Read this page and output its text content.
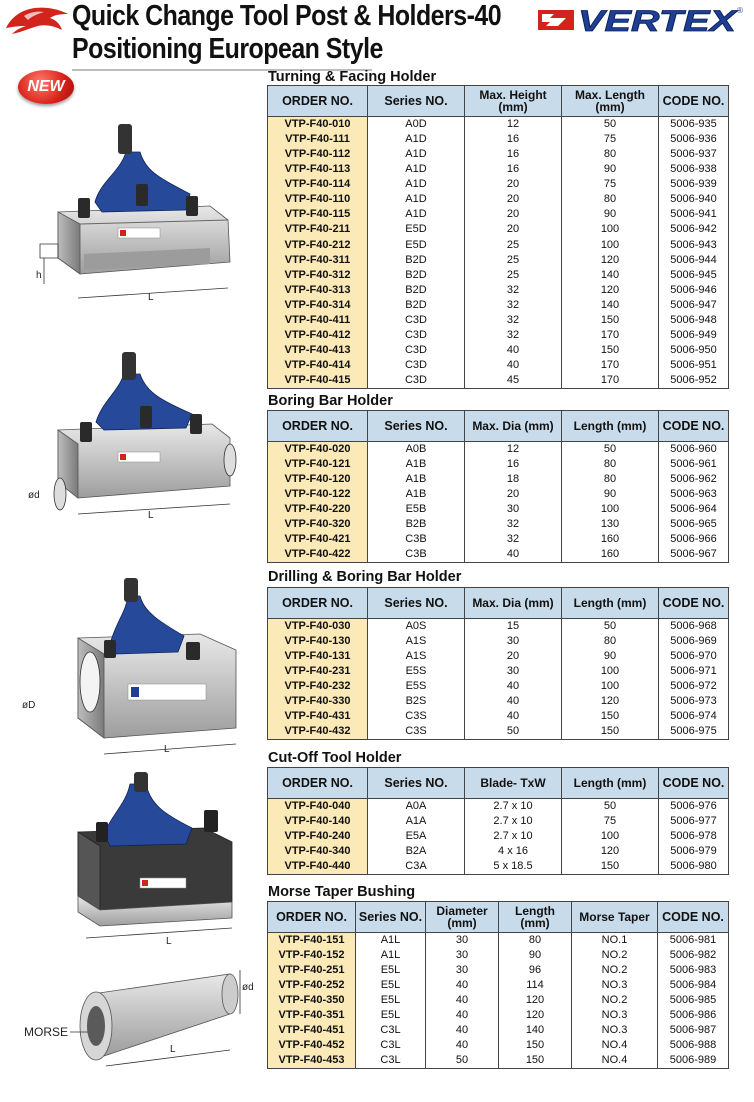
Quick Change Tool Post & Holders-40
Positioning European Style
VERTEX
®
NEW
h
L
ød
L
øD
L
L
MORSE
ød
L
Turning & Facing Holder
ORDER NO.	Series NO.	Max. Height (mm)	Max. Length (mm)	CODE NO.
VTP-F40-010	A0D	12	50	5006-935
VTP-F40-111	A1D	16	75	5006-936
VTP-F40-112	A1D	16	80	5006-937
VTP-F40-113	A1D	16	90	5006-938
VTP-F40-114	A1D	20	75	5006-939
VTP-F40-110	A1D	20	80	5006-940
VTP-F40-115	A1D	20	90	5006-941
VTP-F40-211	E5D	20	100	5006-942
VTP-F40-212	E5D	25	100	5006-943
VTP-F40-311	B2D	25	120	5006-944
VTP-F40-312	B2D	25	140	5006-945
VTP-F40-313	B2D	32	120	5006-946
VTP-F40-314	B2D	32	140	5006-947
VTP-F40-411	C3D	32	150	5006-948
VTP-F40-412	C3D	32	170	5006-949
VTP-F40-413	C3D	40	150	5006-950
VTP-F40-414	C3D	40	170	5006-951
VTP-F40-415	C3D	45	170	5006-952
Boring Bar Holder
ORDER NO.	Series NO.	Max. Dia (mm)	Length (mm)	CODE NO.
VTP-F40-020	A0B	12	50	5006-960
VTP-F40-121	A1B	16	80	5006-961
VTP-F40-120	A1B	18	80	5006-962
VTP-F40-122	A1B	20	90	5006-963
VTP-F40-220	E5B	30	100	5006-964
VTP-F40-320	B2B	32	130	5006-965
VTP-F40-421	C3B	32	160	5006-966
VTP-F40-422	C3B	40	160	5006-967
Drilling & Boring Bar Holder
ORDER NO.	Series NO.	Max. Dia (mm)	Length (mm)	CODE NO.
VTP-F40-030	A0S	15	50	5006-968
VTP-F40-130	A1S	30	80	5006-969
VTP-F40-131	A1S	20	90	5006-970
VTP-F40-231	E5S	30	100	5006-971
VTP-F40-232	E5S	40	100	5006-972
VTP-F40-330	B2S	40	120	5006-973
VTP-F40-431	C3S	40	150	5006-974
VTP-F40-432	C3S	50	150	5006-975
Cut-Off Tool Holder
ORDER NO.	Series NO.	Blade- TxW	Length (mm)	CODE NO.
VTP-F40-040	A0A	2.7 x 10	50	5006-976
VTP-F40-140	A1A	2.7 x 10	75	5006-977
VTP-F40-240	E5A	2.7 x 10	100	5006-978
VTP-F40-340	B2A	4 x 16	120	5006-979
VTP-F40-440	C3A	5 x 18.5	150	5006-980
Morse Taper Bushing
ORDER NO.	Series NO.	Diameter (mm)	Length (mm)	Morse Taper	CODE NO.
VTP-F40-151	A1L	30	80	NO.1	5006-981
VTP-F40-152	A1L	30	90	NO.2	5006-982
VTP-F40-251	E5L	30	96	NO.2	5006-983
VTP-F40-252	E5L	40	114	NO.3	5006-984
VTP-F40-350	E5L	40	120	NO.2	5006-985
VTP-F40-351	E5L	40	120	NO.3	5006-986
VTP-F40-451	C3L	40	140	NO.3	5006-987
VTP-F40-452	C3L	40	150	NO.4	5006-988
VTP-F40-453	C3L	50	150	NO.4	5006-989
